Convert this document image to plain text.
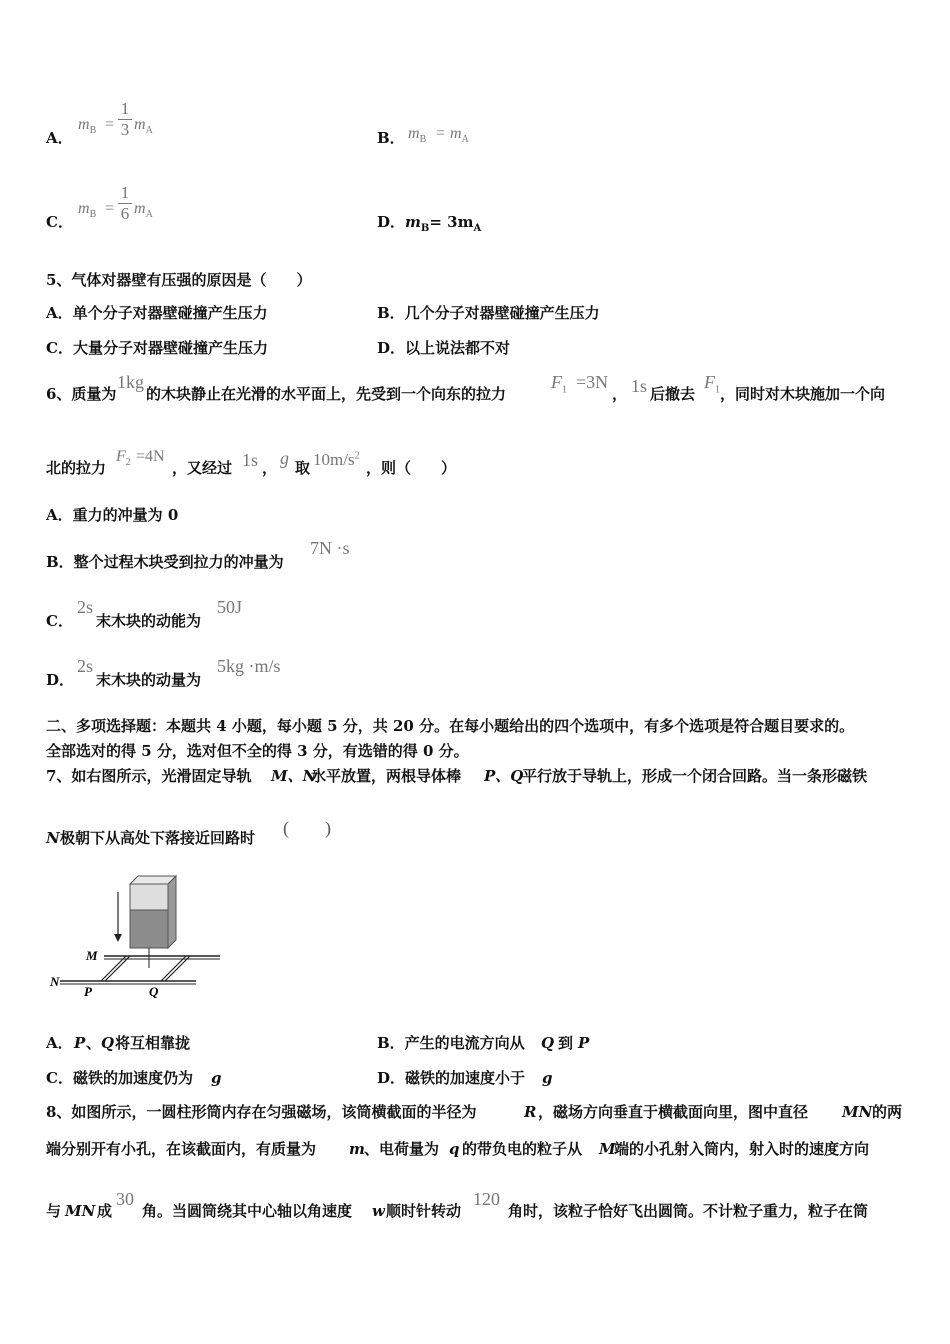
A．
$m_B$ =
1
3 $m_A$	B． $m_B = m_A$
C．
$m_B$ =
1
6 $m_A$	D．$m_B= 3m_A$
5、气体对器壁有压强的原因是（　　）
A．单个分子对器壁碰撞产生压力	B．几个分子对器壁碰撞产生压力
C．大量分子对器壁碰撞产生压力	D．以上说法都不对
6、质量为
1kg
的木块静止在光滑的水平面上，先受到一个向东的拉力
$F_1 =3N$
， 1s 后撤去
$F_1$ ，同时对木块施加一个向
北的拉力
$F_2 =4N$
，又经过 1s ， g 取 $10m/s^2$
，则（　　）
A．重力的冲量为 0
B．整个过程木块受到拉力的冲量为
7N ·s
C．
2s
末木块的动能为
50J
D．
2s
末木块的动量为
5kg ·m/s
二、多项选择题：本题共 4 小题，每小题 5 分，共 20 分。在每小题给出的四个选项中，有多个选项是符合题目要求的。
全部选对的得 5 分，选对但不全的得 3 分，有选错的得 0 分。
7、如右图所示，光滑固定导轨 M、N
水平放置，两根导体棒 P、Q
平行放于导轨上，形成一个闭合回路。当一条形磁铁
N 极朝下从高处下落接近回路时 (　　)
M
N
P	Q
A． P 、 Q 将互相靠拢	B．产生的电流方向从 Q 到 P
C．磁铁的加速度仍为 g	D．磁铁的加速度小于 g
8、如图所示，一圆柱形筒内存在匀强磁场，该筒横截面的半径为	R ，磁场方向垂直于横截面向里，图中直径 MN 的两
端分别开有小孔，在该截面内，有质量为 m 、电荷量为 q 的带负电的粒子从 M
端的小孔射入筒内，射入时的速度方向
与 MN 成
30
角。当圆筒绕其中心轴以角速度 w 顺时针转动
120
角时，该粒子恰好飞出圆筒。不计粒子重力，粒子在筒
